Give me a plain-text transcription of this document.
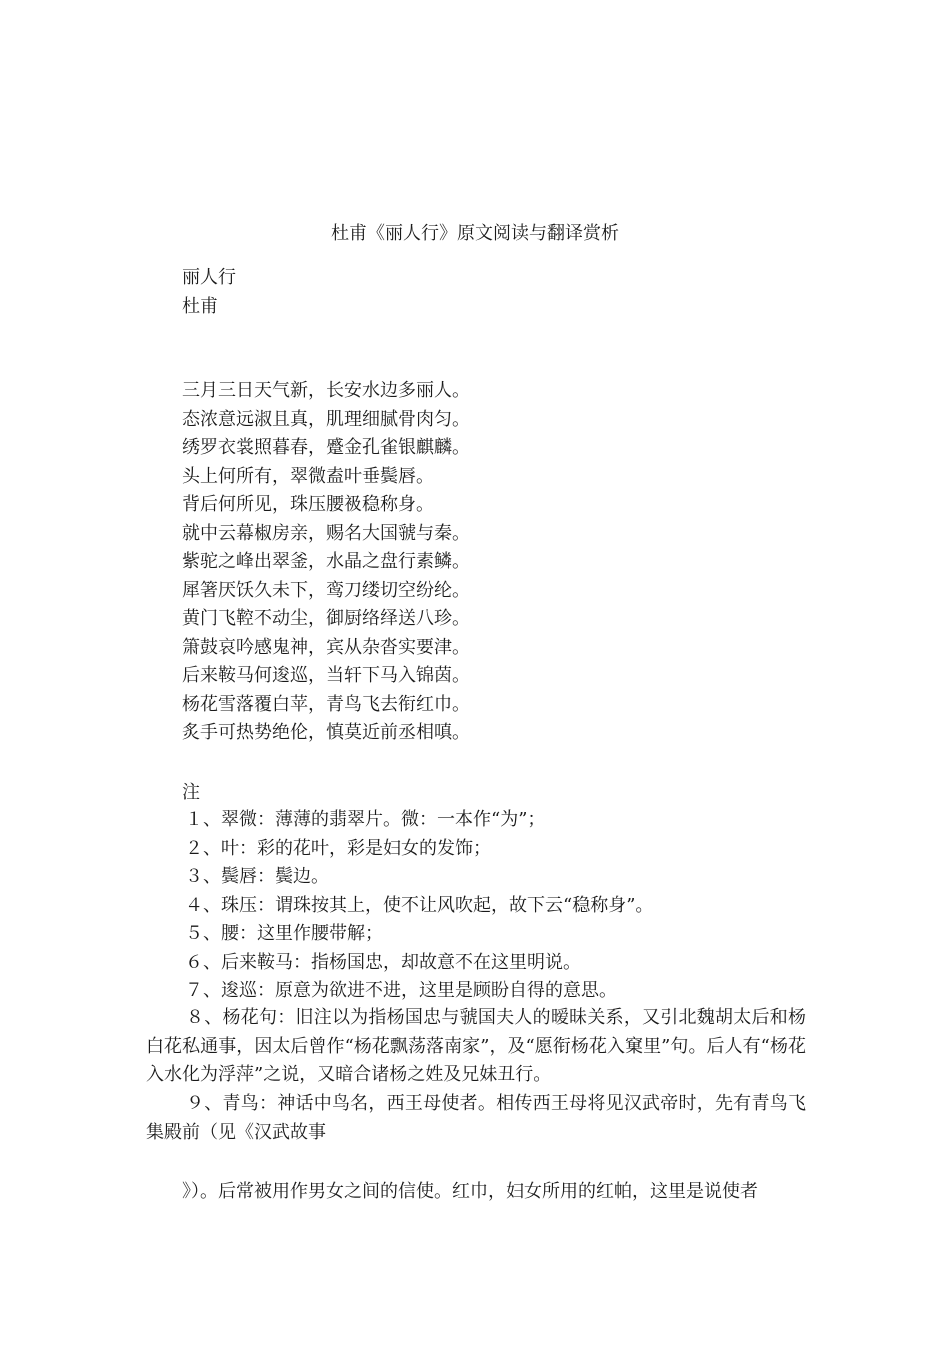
杜甫《丽人行》原文阅读与翻译赏析
丽人行
杜甫
三月三日天气新，长安水边多丽人。
态浓意远淑且真，肌理细腻骨肉匀。
绣罗衣裳照暮春，蹙金孔雀银麒麟。
头上何所有，翠微盍叶垂鬓唇。
背后何所见，珠压腰衱稳称身。
就中云幕椒房亲，赐名大国虢与秦。
紫驼之峰出翠釜，水晶之盘行素鳞。
犀箸厌饫久未下，鸾刀缕切空纷纶。
黄门飞鞚不动尘，御厨络绎送八珍。
箫鼓哀吟感鬼神，宾从杂沓实要津。
后来鞍马何逡巡，当轩下马入锦茵。
杨花雪落覆白苹，青鸟飞去衔红巾。
炙手可热势绝伦，慎莫近前丞相嗔。
注
１、翠微：薄薄的翡翠片。微：一本作“为”；
２、叶：彩的花叶，彩是妇女的发饰；
３、鬓唇：鬓边。
４、珠压：谓珠按其上，使不让风吹起，故下云“稳称身”。
５、腰：这里作腰带解；
６、后来鞍马：指杨国忠，却故意不在这里明说。
７、逡巡：原意为欲进不进，这里是顾盼自得的意思。
８、杨花句：旧注以为指杨国忠与虢国夫人的暧昧关系，又引北魏胡太后和杨白花私通事，因太后曾作“杨花飘荡落南家”，及“愿衔杨花入窠里”句。后人有“杨花入水化为浮萍”之说，又暗合诸杨之姓及兄妹丑行。
９、青鸟：神话中鸟名，西王母使者。相传西王母将见汉武帝时，先有青鸟飞集殿前（见《汉武故事
》）。后常被用作男女之间的信使。红巾，妇女所用的红帕，这里是说使者
